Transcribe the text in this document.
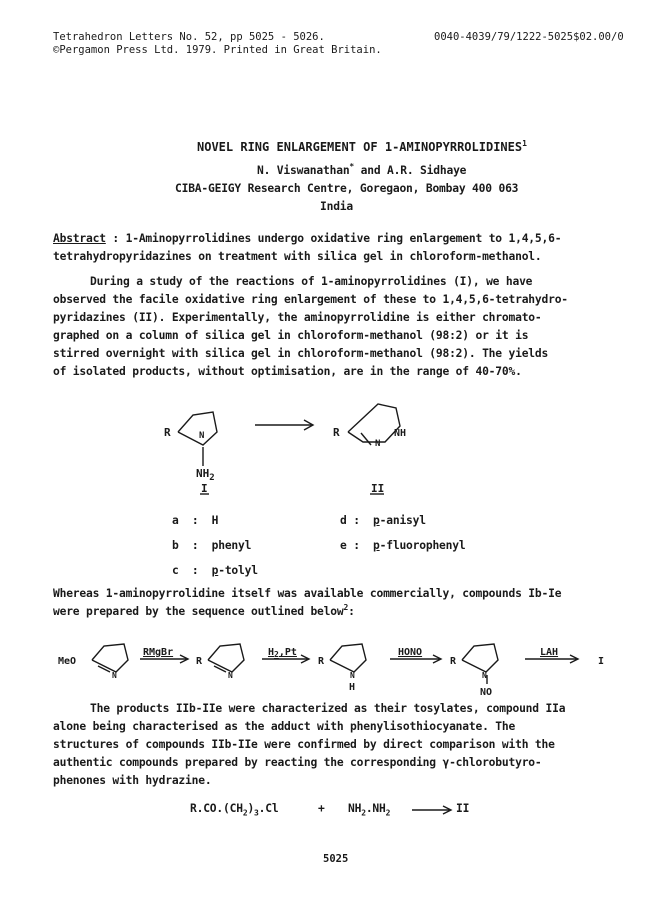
Tetrahedron Letters No. 52, pp 5025 - 5026.
©Pergamon Press Ltd. 1979. Printed in Great Britain.
0040-4039/79/1222-5025$02.00/0
NOVEL RING ENLARGEMENT OF 1-AMINOPYRROLIDINES$^1$
N. Viswanathan* and A.R. Sidhaye
CIBA-GEIGY Research Centre, Goregaon, Bombay 400 063
India
Abstract : 1-Aminopyrrolidines undergo oxidative ring enlargement to 1,4,5,6-
tetrahydropyridazines on treatment with silica gel in chloroform-methanol.
During a study of the reactions of 1-aminopyrrolidines (I), we have
observed the facile oxidative ring enlargement of these to 1,4,5,6-tetrahydro-
pyridazines (II). Experimentally, the aminopyrrolidine is either chromato-
graphed on a column of silica gel in chloroform-methanol (98:2) or it is
stirred overnight with silica gel in chloroform-methanol (98:2). The yields
of isolated products, without optimisation, are in the range of 40-70%.
R	N
$NH_2$
R
N
NH
I	II
a : H
b : phenyl
c : p-tolyl
d : p-anisyl
e : p-fluorophenyl
Whereas 1-aminopyrrolidine itself was available commercially, compounds Ib-Ie
were prepared by the sequence outlined below$^2$:
MeO
N
RMgBr
R
N
$H_2,Pt$
R
N
H
HONO
R
N
NO
LAH
I
The products IIb-IIe were characterized as their tosylates, compound IIa
alone being characterised as the adduct with phenylisothiocyanate. The
structures of compounds IIb-IIe were confirmed by direct comparison with the
authentic compounds prepared by reacting the corresponding γ-chlorobutyro-
phenones with hydrazine.
$R.CO.(CH_2)_3.Cl$	+ $NH_2.NH_2$	II
5025
